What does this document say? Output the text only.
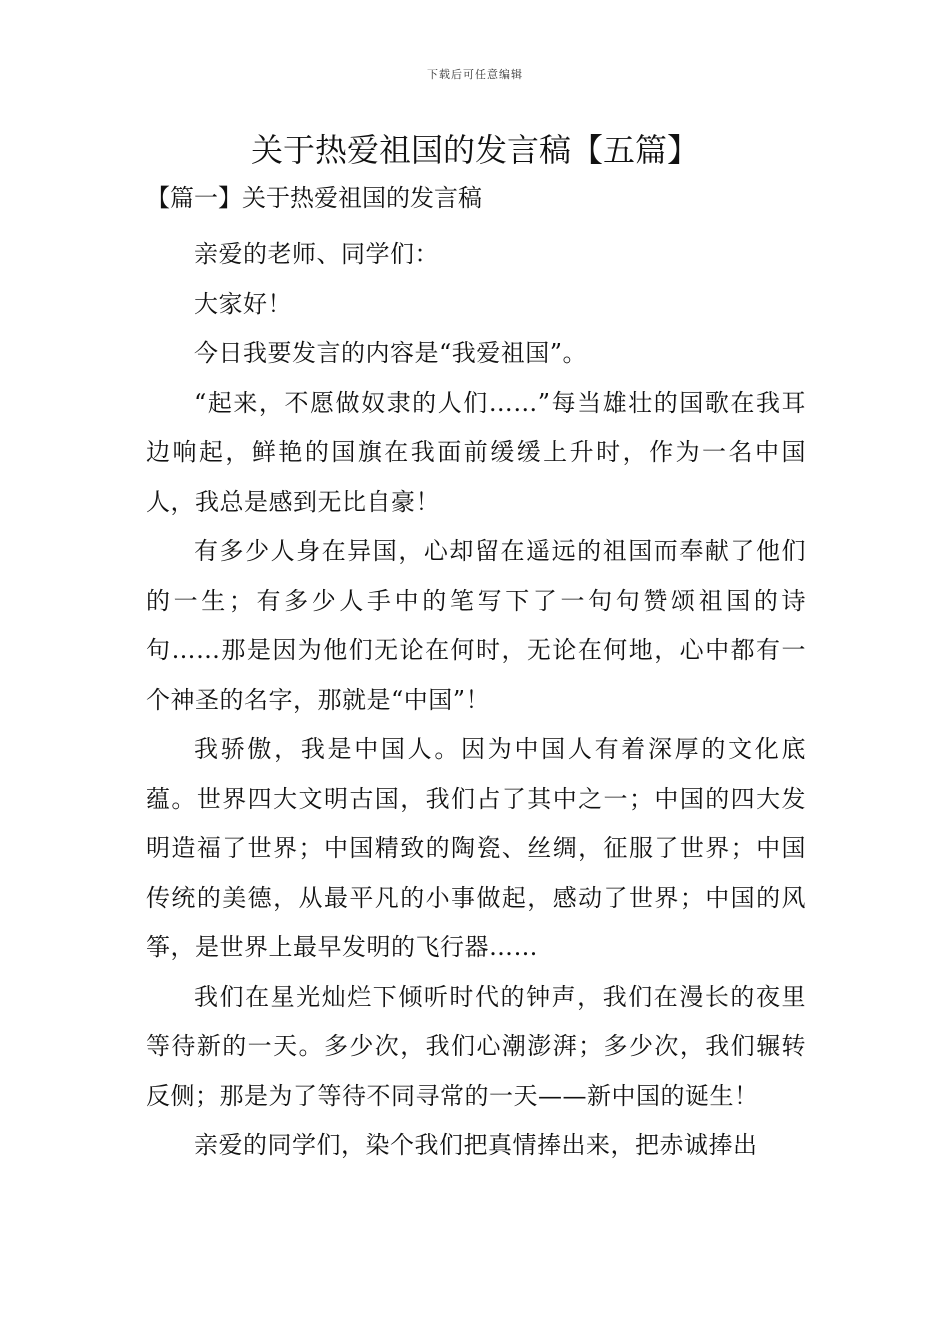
下载后可任意编辑
关于热爱祖国的发言稿【五篇】

【篇一】关于热爱祖国的发言稿

亲爱的老师、同学们：

大家好！

今日我要发言的内容是“我爱祖国”。

“起来，不愿做奴隶的人们……”每当雄壮的国歌在我耳边响起，鲜艳的国旗在我面前缓缓上升时，作为一名中国人，我总是感到无比自豪！

有多少人身在异国，心却留在遥远的祖国而奉献了他们的一生；有多少人手中的笔写下了一句句赞颂祖国的诗句……那是因为他们无论在何时，无论在何地，心中都有一个神圣的名字，那就是“中国”！

我骄傲，我是中国人。因为中国人有着深厚的文化底蕴。世界四大文明古国，我们占了其中之一；中国的四大发明造福了世界；中国精致的陶瓷、丝绸，征服了世界；中国传统的美德，从最平凡的小事做起，感动了世界；中国的风筝，是世界上最早发明的飞行器……

我们在星光灿烂下倾听时代的钟声，我们在漫长的夜里等待新的一天。多少次，我们心潮澎湃；多少次，我们辗转反侧；那是为了等待不同寻常的一天——新中国的诞生！

亲爱的同学们，染个我们把真情捧出来，把赤诚捧出
